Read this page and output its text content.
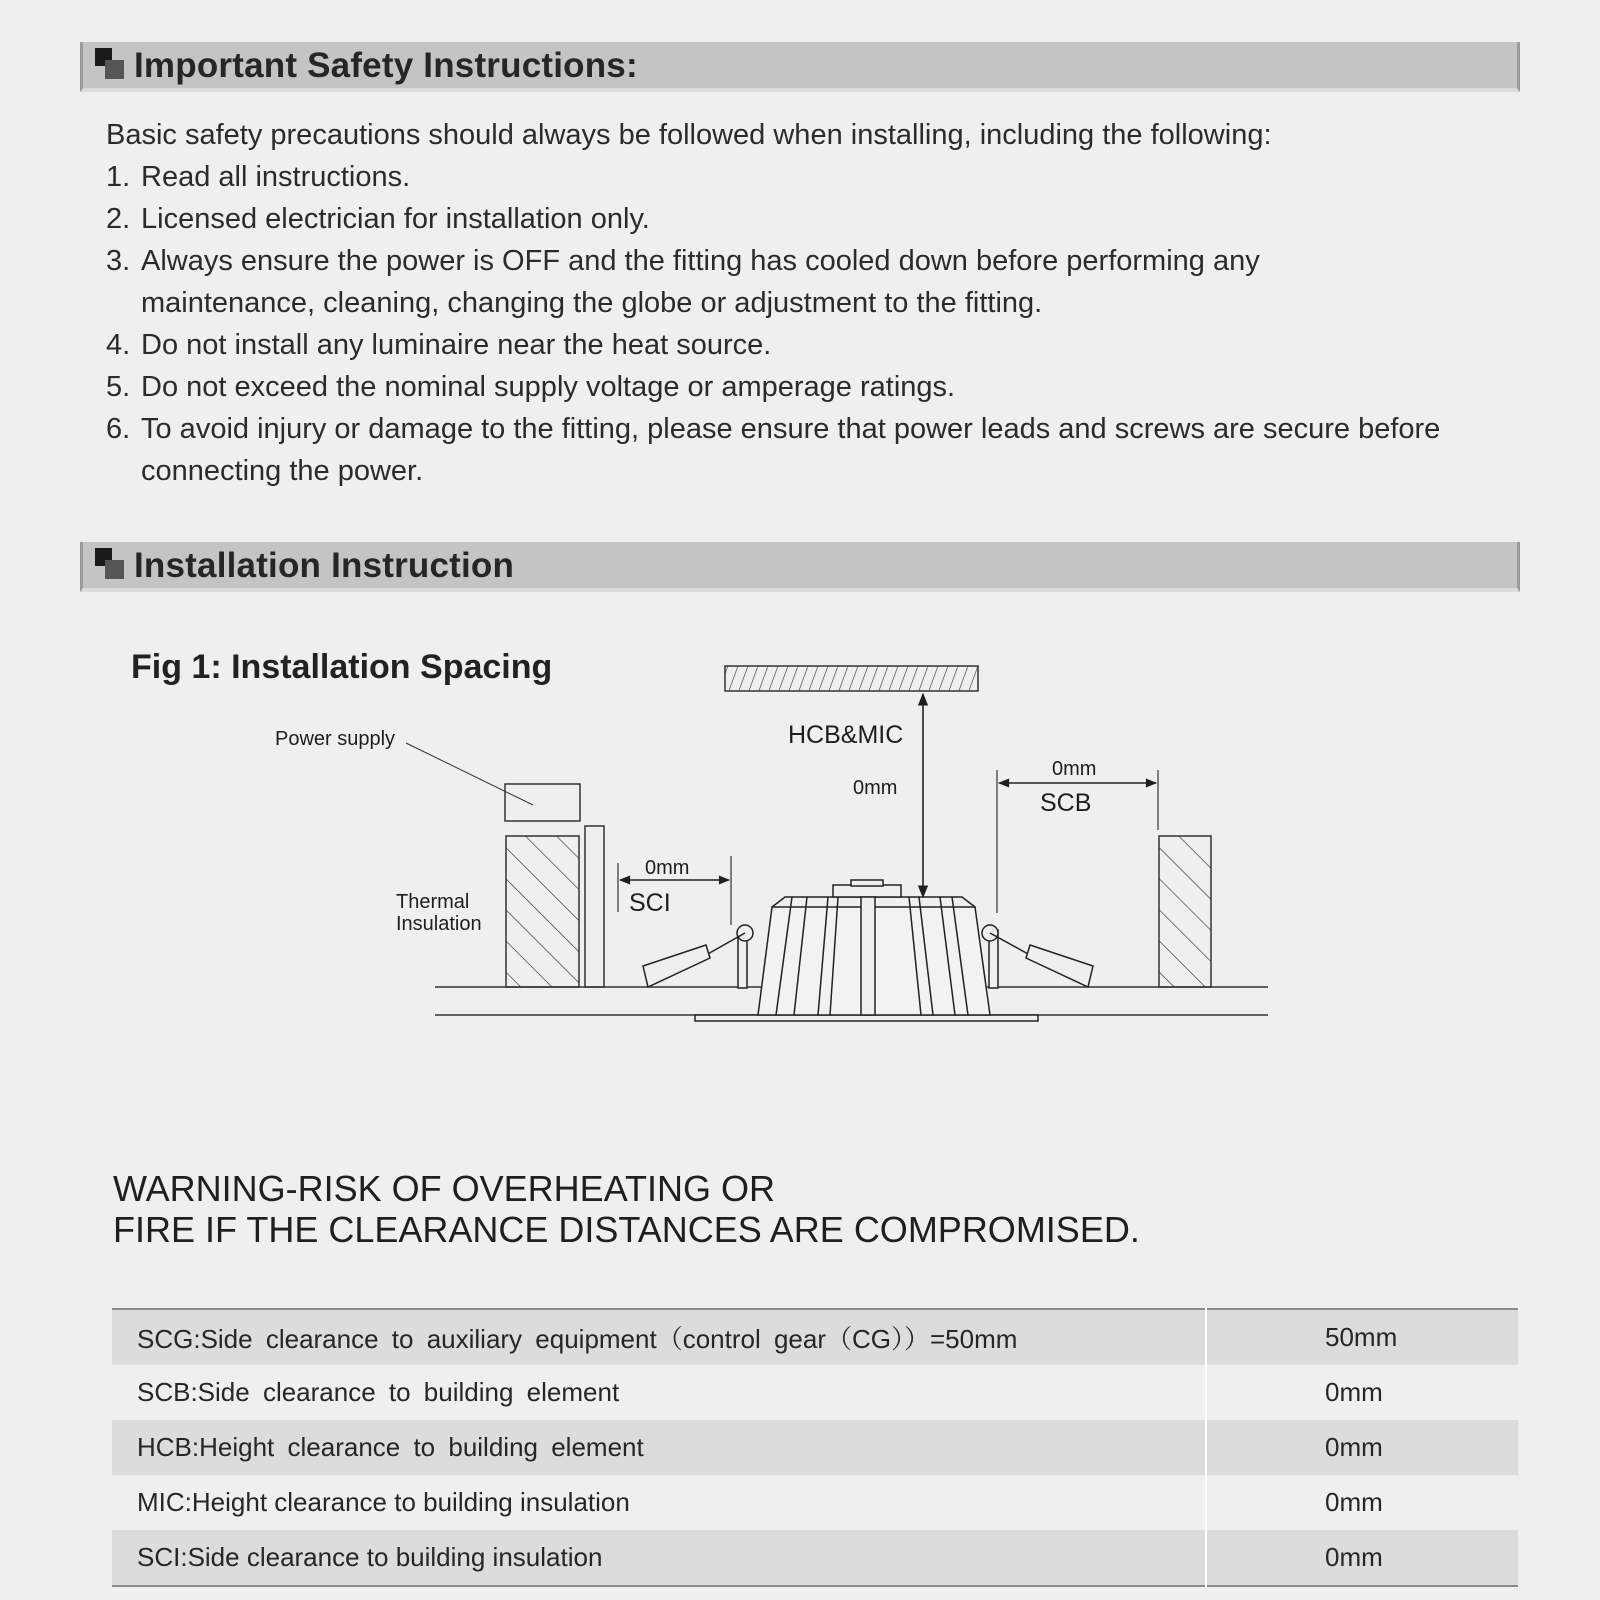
Important Safety Instructions:
Basic safety precautions should always be followed when installing, including the following:
1. Read all instructions.
2. Licensed electrician for installation only.
3. Always ensure the power is OFF and the fitting has cooled down before performing any maintenance, cleaning, changing the globe or adjustment to the fitting.
4. Do not install any luminaire near the heat source.
5. Do not exceed the nominal supply voltage or amperage ratings.
6. To avoid injury or damage to the fitting, please ensure that power leads and screws are secure before connecting the power.
Installation Instruction
Fig 1: Installation Spacing
HCB&MIC
0mm
Power supply
Thermal
Insulation
0mm
SCI
0mm
SCB
WARNING-RISK OF OVERHEATING OR
FIRE IF THE CLEARANCE DISTANCES ARE COMPROMISED.
SCG:Side clearance to auxiliary equipment（control gear（CG））=50mm	50mm
SCB:Side clearance to building element	0mm
HCB:Height clearance to building element	0mm
MIC:Height clearance to building insulation	0mm
SCI:Side clearance to building insulation	0mm
